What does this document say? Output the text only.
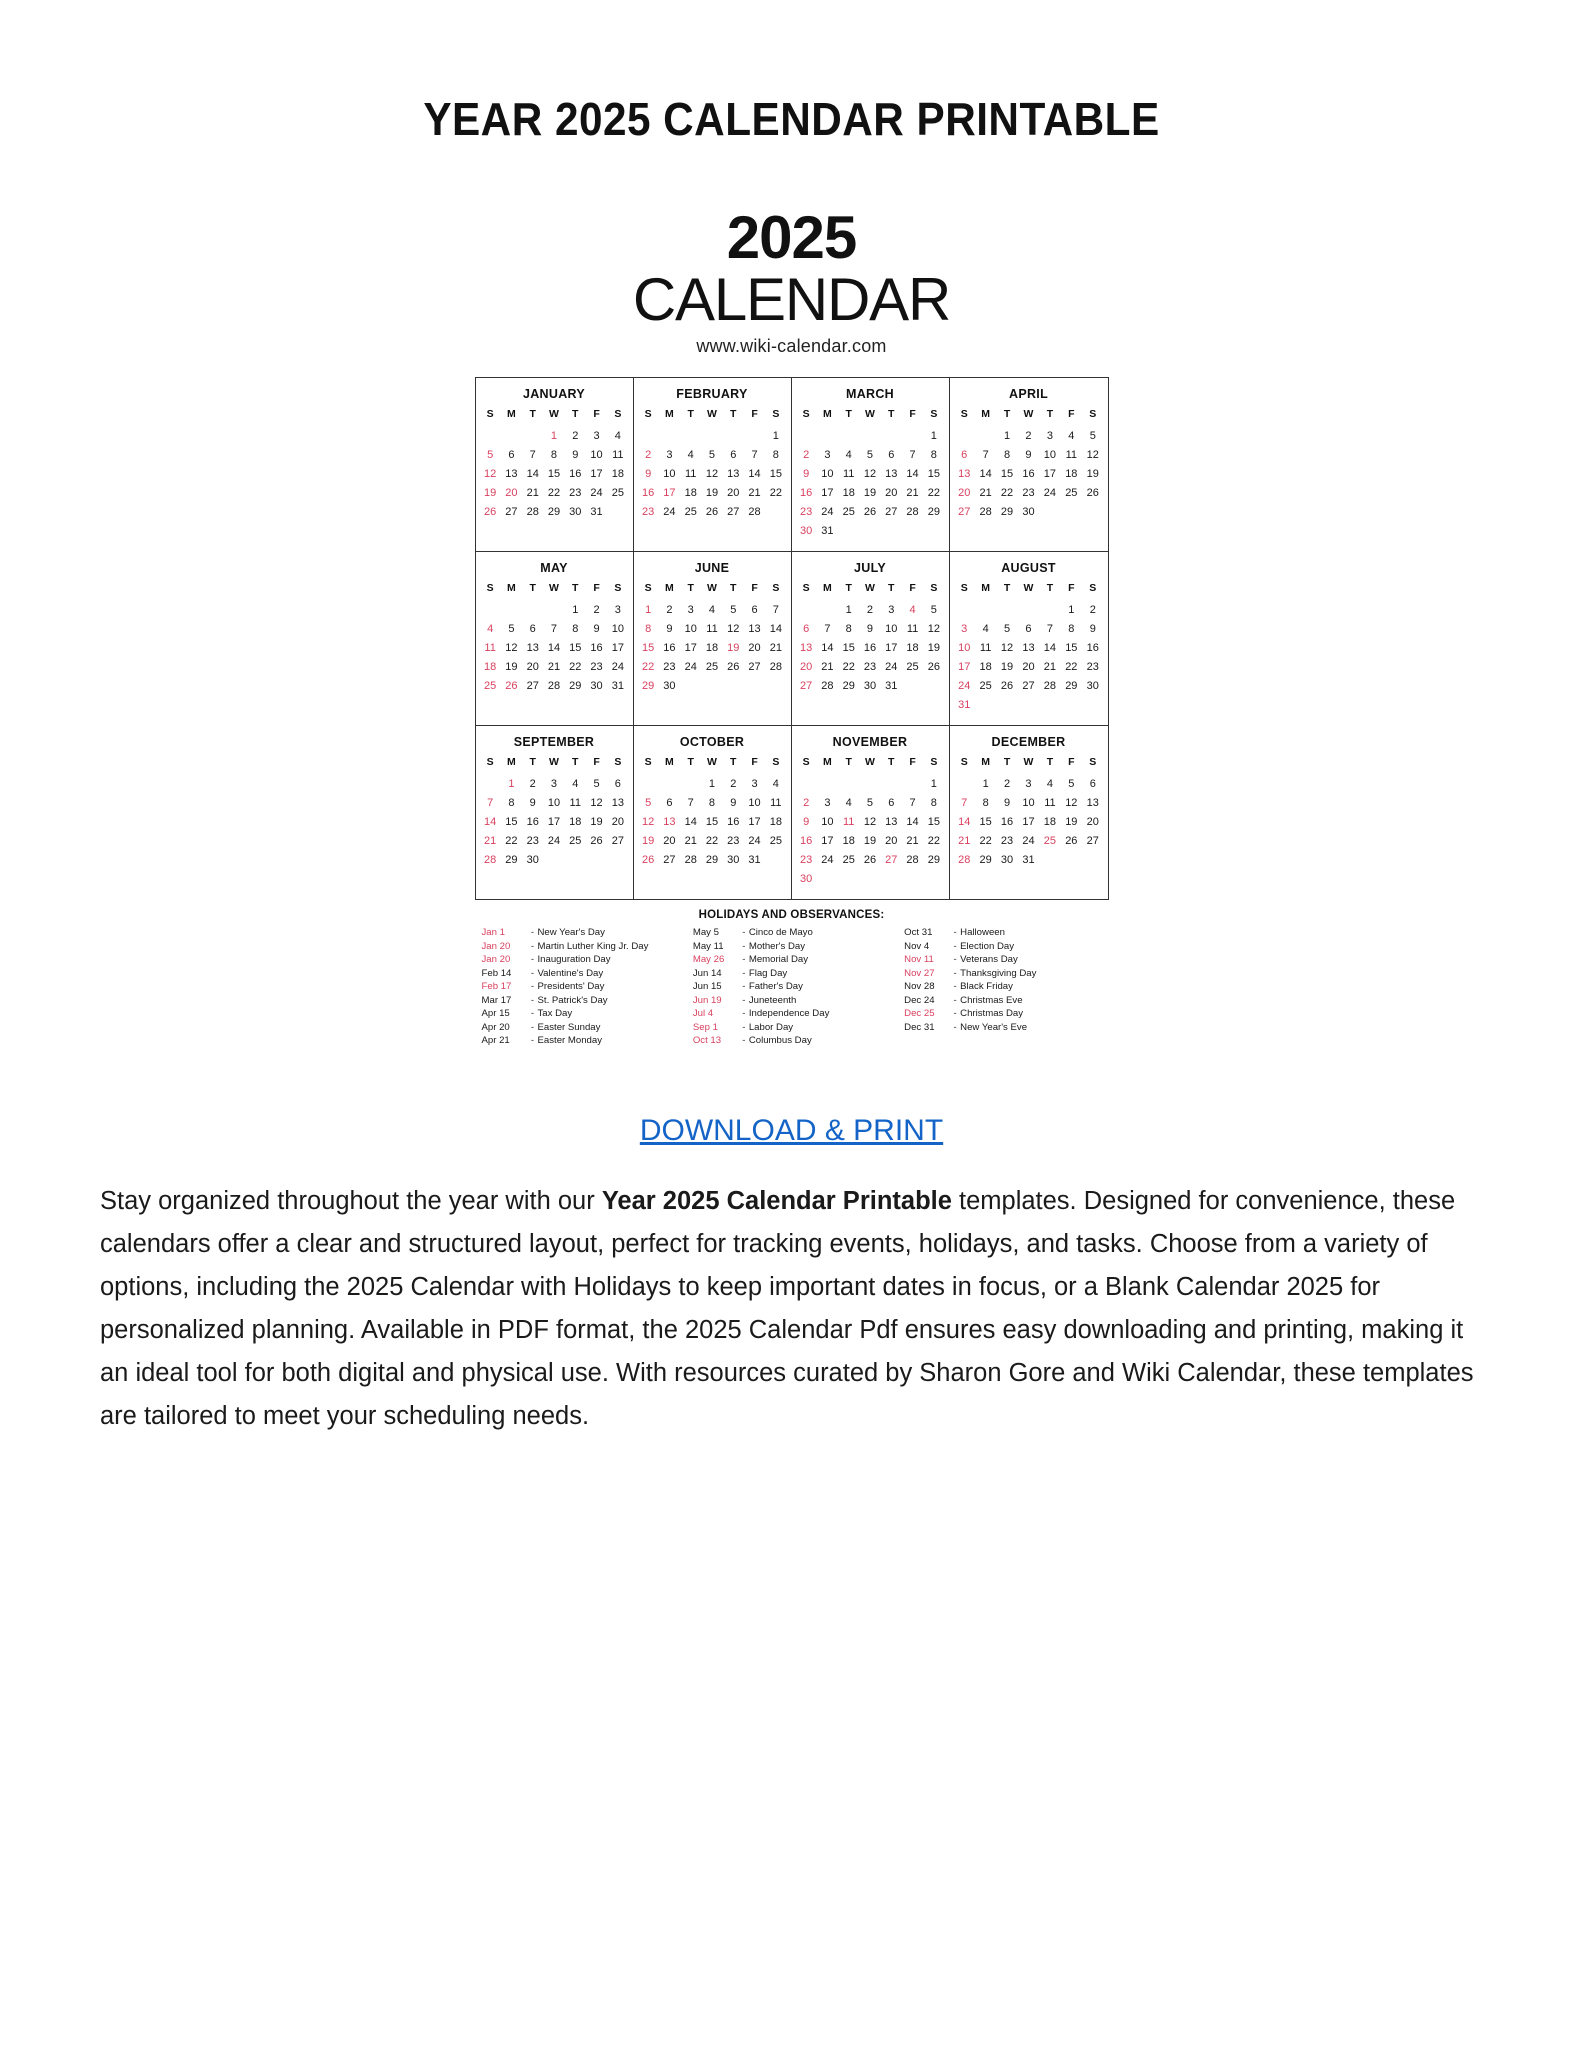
YEAR 2025 CALENDAR PRINTABLE
2025
CALENDAR
www.wiki-calendar.com
JANUARY
S	M	T	W	T	F	S
			1	2	3	4
5	6	7	8	9	10	11
12	13	14	15	16	17	18
19	20	21	22	23	24	25
26	27	28	29	30	31	
FEBRUARY
S	M	T	W	T	F	S
						1
2	3	4	5	6	7	8
9	10	11	12	13	14	15
16	17	18	19	20	21	22
23	24	25	26	27	28	
MARCH
S	M	T	W	T	F	S
						1
2	3	4	5	6	7	8
9	10	11	12	13	14	15
16	17	18	19	20	21	22
23	24	25	26	27	28	29
30	31					
APRIL
S	M	T	W	T	F	S
		1	2	3	4	5
6	7	8	9	10	11	12
13	14	15	16	17	18	19
20	21	22	23	24	25	26
27	28	29	30			
MAY
S	M	T	W	T	F	S
				1	2	3
4	5	6	7	8	9	10
11	12	13	14	15	16	17
18	19	20	21	22	23	24
25	26	27	28	29	30	31
JUNE
S	M	T	W	T	F	S
1	2	3	4	5	6	7
8	9	10	11	12	13	14
15	16	17	18	19	20	21
22	23	24	25	26	27	28
29	30					
JULY
S	M	T	W	T	F	S
		1	2	3	4	5
6	7	8	9	10	11	12
13	14	15	16	17	18	19
20	21	22	23	24	25	26
27	28	29	30	31		
AUGUST
S	M	T	W	T	F	S
					1	2
3	4	5	6	7	8	9
10	11	12	13	14	15	16
17	18	19	20	21	22	23
24	25	26	27	28	29	30
31						
SEPTEMBER
S	M	T	W	T	F	S
	1	2	3	4	5	6
7	8	9	10	11	12	13
14	15	16	17	18	19	20
21	22	23	24	25	26	27
28	29	30				
OCTOBER
S	M	T	W	T	F	S
			1	2	3	4
5	6	7	8	9	10	11
12	13	14	15	16	17	18
19	20	21	22	23	24	25
26	27	28	29	30	31	
NOVEMBER
S	M	T	W	T	F	S
						1
2	3	4	5	6	7	8
9	10	11	12	13	14	15
16	17	18	19	20	21	22
23	24	25	26	27	28	29
30						
DECEMBER
S	M	T	W	T	F	S
	1	2	3	4	5	6
7	8	9	10	11	12	13
14	15	16	17	18	19	20
21	22	23	24	25	26	27
28	29	30	31			
HOLIDAYS AND OBSERVANCES:
Jan 1	- New Year's Day
Jan 20	- Martin Luther King Jr. Day
Jan 20	- Inauguration Day
Feb 14	- Valentine's Day
Feb 17	- Presidents' Day
Mar 17	- St. Patrick's Day
Apr 15	- Tax Day
Apr 20	- Easter Sunday
Apr 21	- Easter Monday
May 5	- Cinco de Mayo
May 11	- Mother's Day
May 26	- Memorial Day
Jun 14	- Flag Day
Jun 15	- Father's Day
Jun 19	- Juneteenth
Jul 4	- Independence Day
Sep 1	- Labor Day
Oct 13	- Columbus Day
Oct 31	- Halloween
Nov 4	- Election Day
Nov 11	- Veterans Day
Nov 27	- Thanksgiving Day
Nov 28	- Black Friday
Dec 24	- Christmas Eve
Dec 25	- Christmas Day
Dec 31	- New Year's Eve
DOWNLOAD & PRINT

Stay organized throughout the year with our Year 2025 Calendar Printable templates. Designed for convenience, these calendars offer a clear and structured layout, perfect for tracking events, holidays, and tasks. Choose from a variety of options, including the 2025 Calendar with Holidays to keep important dates in focus, or a Blank Calendar 2025 for personalized planning. Available in PDF format, the 2025 Calendar Pdf ensures easy downloading and printing, making it an ideal tool for both digital and physical use. With resources curated by Sharon Gore and Wiki Calendar, these templates are tailored to meet your scheduling needs.
